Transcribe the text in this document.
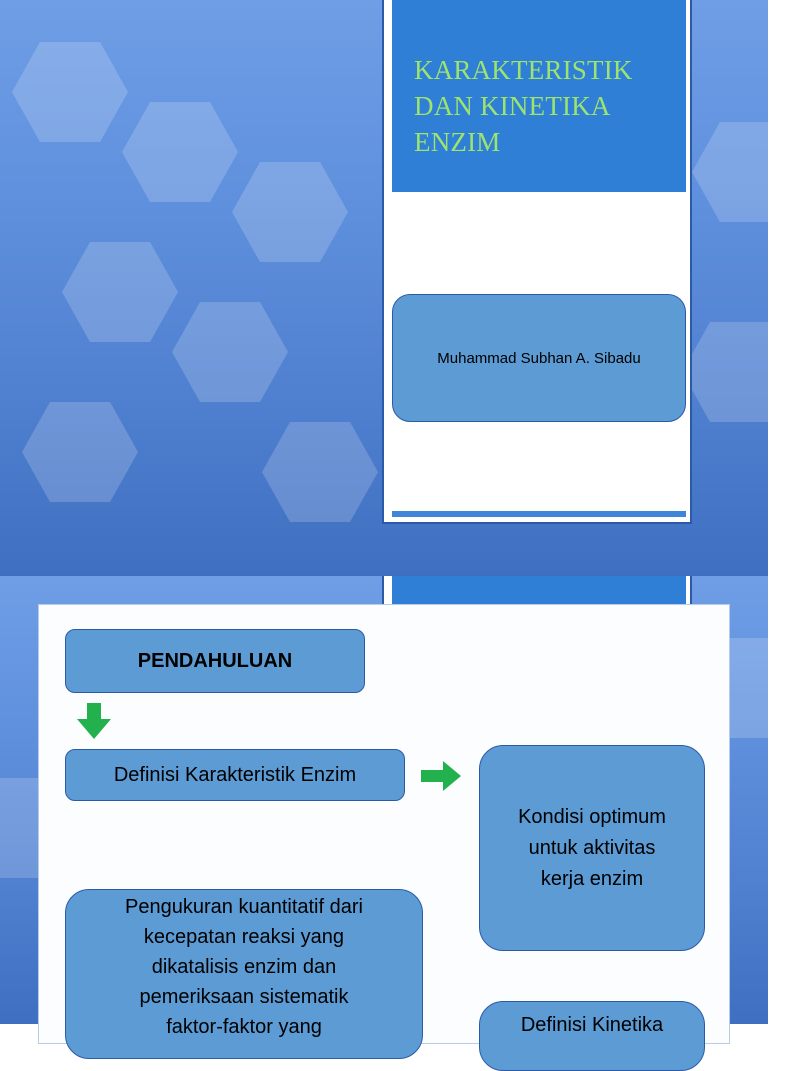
KARAKTERISTIK
DAN KINETIKA
ENZIM
Muhammad Subhan A. Sibadu
PENDAHULUAN
Definisi Karakteristik Enzim
Kondisi optimum
untuk aktivitas
kerja enzim
Pengukuran kuantitatif dari
kecepatan reaksi yang
dikatalisis enzim dan
pemeriksaan sistematik
faktor-faktor yang	Definisi Kinetika
